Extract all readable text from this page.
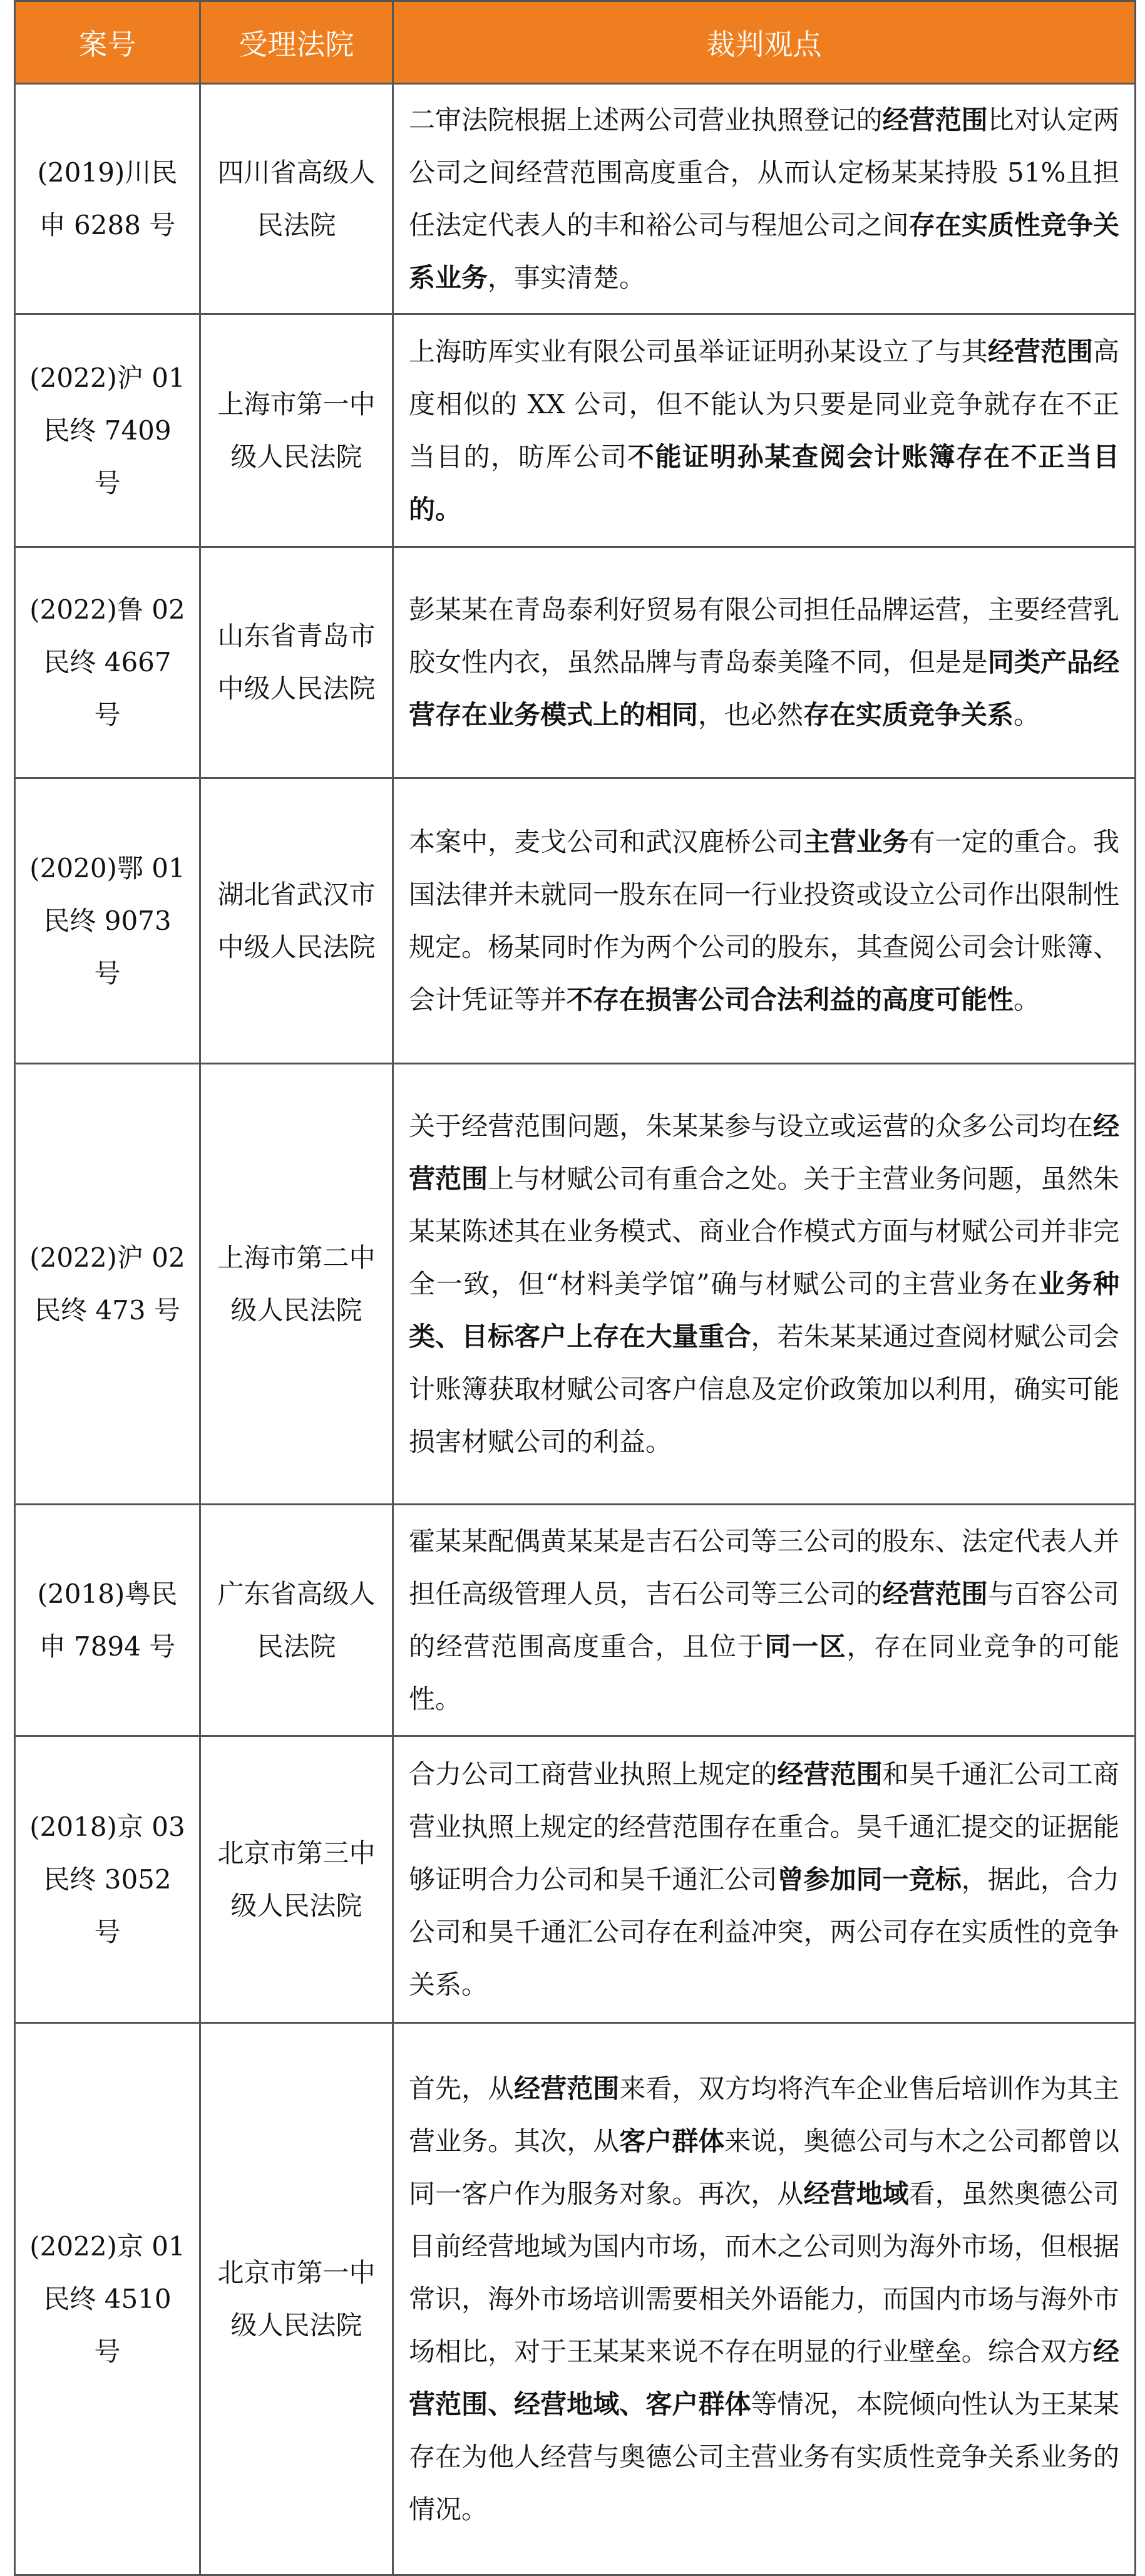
案号	受理法院	裁判观点
(2019)川民申 6288 号	四川省高级人民法院	二审法院根据上述两公司营业执照登记的经营范围比对认定两公司之间经营范围高度重合，从而认定杨某某持股 51%且担任法定代表人的丰和裕公司与程旭公司之间存在实质性竞争关系业务，事实清楚。
(2022)沪 01 民终 7409 号	上海市第一中级人民法院	上海昉厍实业有限公司虽举证证明孙某设立了与其经营范围高度相似的 XX 公司，但不能认为只要是同业竞争就存在不正当目的，昉厍公司不能证明孙某查阅会计账簿存在不正当目的。
(2022)鲁 02 民终 4667 号	山东省青岛市中级人民法院	彭某某在青岛泰利好贸易有限公司担任品牌运营，主要经营乳胶女性内衣，虽然品牌与青岛泰美隆不同，但是是同类产品经营存在业务模式上的相同，也必然存在实质竞争关系。
(2020)鄂 01 民终 9073 号	湖北省武汉市中级人民法院	本案中，麦戈公司和武汉鹿桥公司主营业务有一定的重合。我国法律并未就同一股东在同一行业投资或设立公司作出限制性规定。杨某同时作为两个公司的股东，其查阅公司会计账簿、会计凭证等并不存在损害公司合法利益的高度可能性。
(2022)沪 02 民终 473 号	上海市第二中级人民法院	关于经营范围问题，朱某某参与设立或运营的众多公司均在经营范围上与材赋公司有重合之处。关于主营业务问题，虽然朱某某陈述其在业务模式、商业合作模式方面与材赋公司并非完全一致，但“材料美学馆”确与材赋公司的主营业务在业务种类、目标客户上存在大量重合，若朱某某通过查阅材赋公司会计账簿获取材赋公司客户信息及定价政策加以利用，确实可能损害材赋公司的利益。
(2018)粤民申 7894 号	广东省高级人民法院	霍某某配偶黄某某是吉石公司等三公司的股东、法定代表人并担任高级管理人员，吉石公司等三公司的经营范围与百容公司的经营范围高度重合，且位于同一区，存在同业竞争的可能性。
(2018)京 03 民终 3052 号	北京市第三中级人民法院	合力公司工商营业执照上规定的经营范围和昊千通汇公司工商营业执照上规定的经营范围存在重合。昊千通汇提交的证据能够证明合力公司和昊千通汇公司曾参加同一竞标，据此，合力公司和昊千通汇公司存在利益冲突，两公司存在实质性的竞争关系。
(2022)京 01 民终 4510 号	北京市第一中级人民法院	首先，从经营范围来看，双方均将汽车企业售后培训作为其主营业务。其次，从客户群体来说，奥德公司与木之公司都曾以同一客户作为服务对象。再次，从经营地域看，虽然奥德公司目前经营地域为国内市场，而木之公司则为海外市场，但根据常识，海外市场培训需要相关外语能力，而国内市场与海外市场相比，对于王某某来说不存在明显的行业壁垒。综合双方经营范围、经营地域、客户群体等情况，本院倾向性认为王某某存在为他人经营与奥德公司主营业务有实质性竞争关系业务的情况。
